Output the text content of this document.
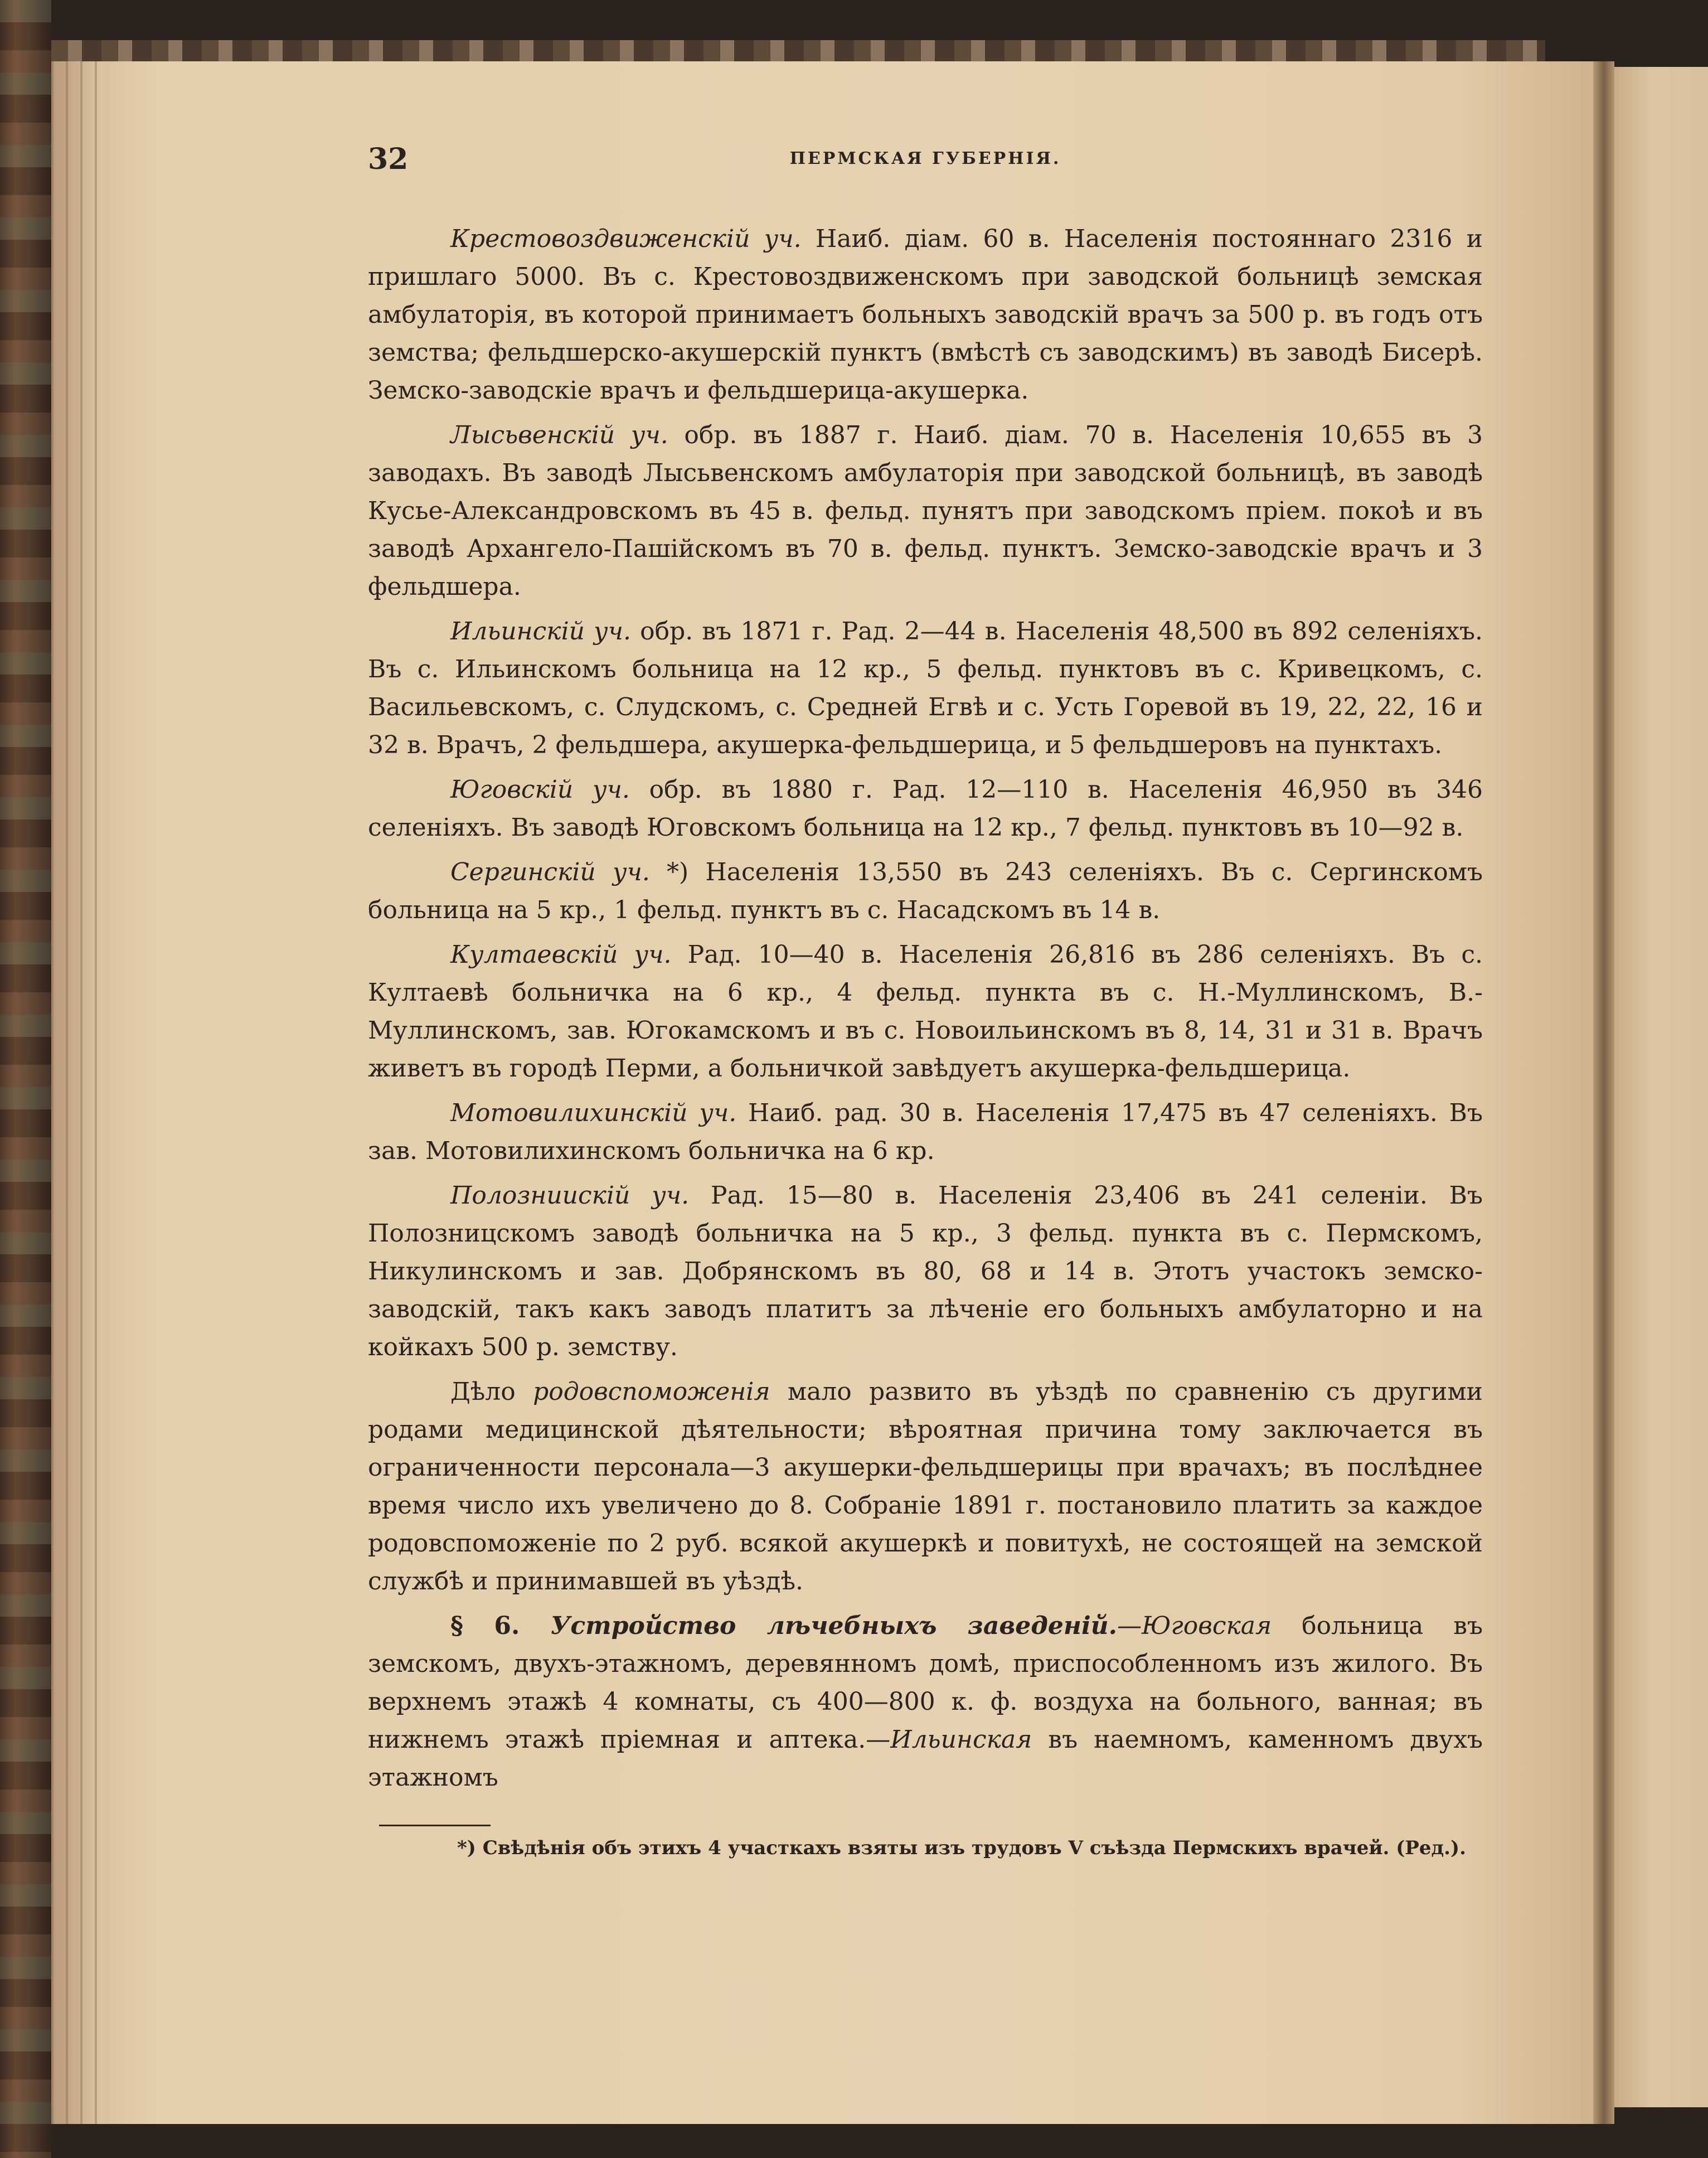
32	ПЕРМСКАЯ ГУБЕРНІЯ.

Крестовоздвиженскій уч. Наиб. діам. 60 в. Населенія постояннаго 2316 и пришлаго 5000. Въ с. Крестовоздвиженскомъ при заводской больницѣ земская амбулаторія, въ которой принимаетъ больныхъ заводскій врачъ за 500 р. въ годъ отъ земства; фельдшерско-акушерскій пунктъ (вмѣстѣ съ заводскимъ) въ заводѣ Бисерѣ. Земско-заводскіе врачъ и фельдшерица-акушерка.

Лысьвенскій уч. обр. въ 1887 г. Наиб. діам. 70 в. Населенія 10,655 въ 3 заводахъ. Въ заводѣ Лысьвенскомъ амбулаторія при заводской больницѣ, въ заводѣ Кусье-Александровскомъ въ 45 в. фельд. пунятъ при заводскомъ пріем. покоѣ и въ заводѣ Архангело-Пашійскомъ въ 70 в. фельд. пунктъ. Земско-заводскіе врачъ и 3 фельдшера.

Ильинскій уч. обр. въ 1871 г. Рад. 2—44 в. Населенія 48,500 въ 892 селеніяхъ. Въ с. Ильинскомъ больница на 12 кр., 5 фельд. пунктовъ въ с. Кривецкомъ, с. Васильевскомъ, с. Слудскомъ, с. Средней Егвѣ и с. Усть Горевой въ 19, 22, 22, 16 и 32 в. Врачъ, 2 фельдшера, акушерка-фельдшерица, и 5 фельдшеровъ на пунктахъ.

Юговскій уч. обр. въ 1880 г. Рад. 12—110 в. Населенія 46,950 въ 346 селеніяхъ. Въ заводѣ Юговскомъ больница на 12 кр., 7 фельд. пунктовъ въ 10—92 в.

Сергинскій уч. *) Населенія 13,550 въ 243 селеніяхъ. Въ с. Сергинскомъ больница на 5 кр., 1 фельд. пунктъ въ с. Насадскомъ въ 14 в.

Култаевскій уч. Рад. 10—40 в. Населенія 26,816 въ 286 селеніяхъ. Въ с. Култаевѣ больничка на 6 кр., 4 фельд. пункта въ с. Н.-Муллинскомъ, В.-Муллинскомъ, зав. Югокамскомъ и въ с. Новоильинскомъ въ 8, 14, 31 и 31 в. Врачъ живетъ въ городѣ Перми, а больничкой завѣдуетъ акушерка-фельдшерица.

Мотовилихинскій уч. Наиб. рад. 30 в. Населенія 17,475 въ 47 селеніяхъ. Въ зав. Мотовилихинскомъ больничка на 6 кр.

Полозниискій уч. Рад. 15—80 в. Населенія 23,406 въ 241 селеніи. Въ Полозницскомъ заводѣ больничка на 5 кр., 3 фельд. пункта въ с. Пермскомъ, Никулинскомъ и зав. Добрянскомъ въ 80, 68 и 14 в. Этотъ участокъ земско-заводскій, такъ какъ заводъ платитъ за лѣченіе его больныхъ амбулаторно и на койкахъ 500 р. земству.

Дѣло родовспоможенія мало развито въ уѣздѣ по сравненію съ другими родами медицинской дѣятельности; вѣроятная причина тому заключается въ ограниченности персонала—3 акушерки-фельдшерицы при врачахъ; въ послѣднее время число ихъ увеличено до 8. Собраніе 1891 г. постановило платить за каждое родовспоможеніе по 2 руб. всякой акушеркѣ и повитухѣ, не состоящей на земской службѣ и принимавшей въ уѣздѣ.

§ 6. Устройство лѣчебныхъ заведеній.—Юговская больница въ земскомъ, двухъ-этажномъ, деревянномъ домѣ, приспособленномъ изъ жилого. Въ верхнемъ этажѣ 4 комнаты, съ 400—800 к. ф. воздуха на больного, ванная; въ нижнемъ этажѣ пріемная и аптека.—Ильинская въ наемномъ, каменномъ двухъ этажномъ

*) Свѣдѣнія объ этихъ 4 участкахъ взяты изъ трудовъ V съѣзда Пермскихъ врачей. (Ред.).
